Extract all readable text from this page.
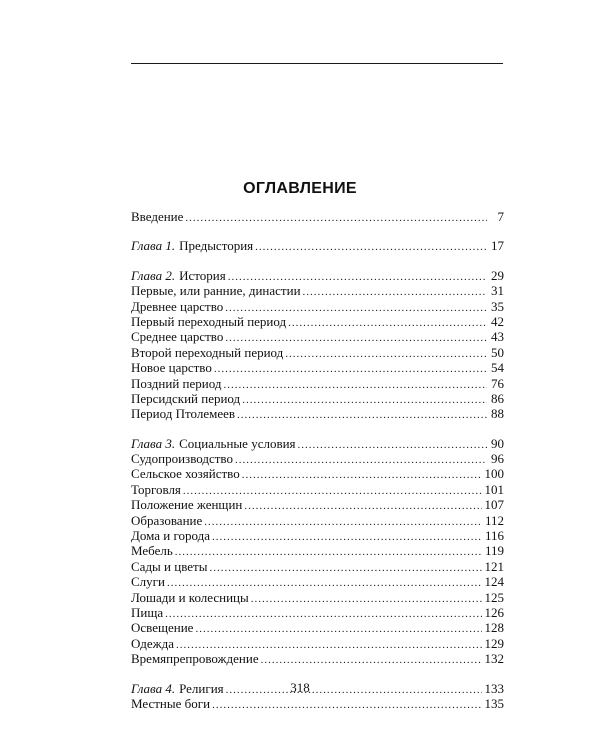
ОГЛАВЛЕНИЕ
Введение .....	7
Глава 1. Предыстория .....	17
Глава 2. История .....	29
Первые, или ранние, династии .....	31
Древнее царство .....	35
Первый переходный период .....	42
Среднее царство .....	43
Второй переходный период .....	50
Новое царство .....	54
Поздний период .....	76
Персидский период .....	86
Период Птолемеев .....	88
Глава 3. Социальные условия .....	90
Судопроизводство .....	96
Сельское хозяйство .....	100
Торговля .....	101
Положение женщин .....	107
Образование .....	112
Дома и города .....	116
Мебель .....	119
Сады и цветы .....	121
Слуги .....	124
Лошади и колесницы .....	125
Пища .....	126
Освещение .....	128
Одежда .....	129
Времяпрепровождение .....	132
Глава 4. Религия .....	133
Местные боги .....	135
318
